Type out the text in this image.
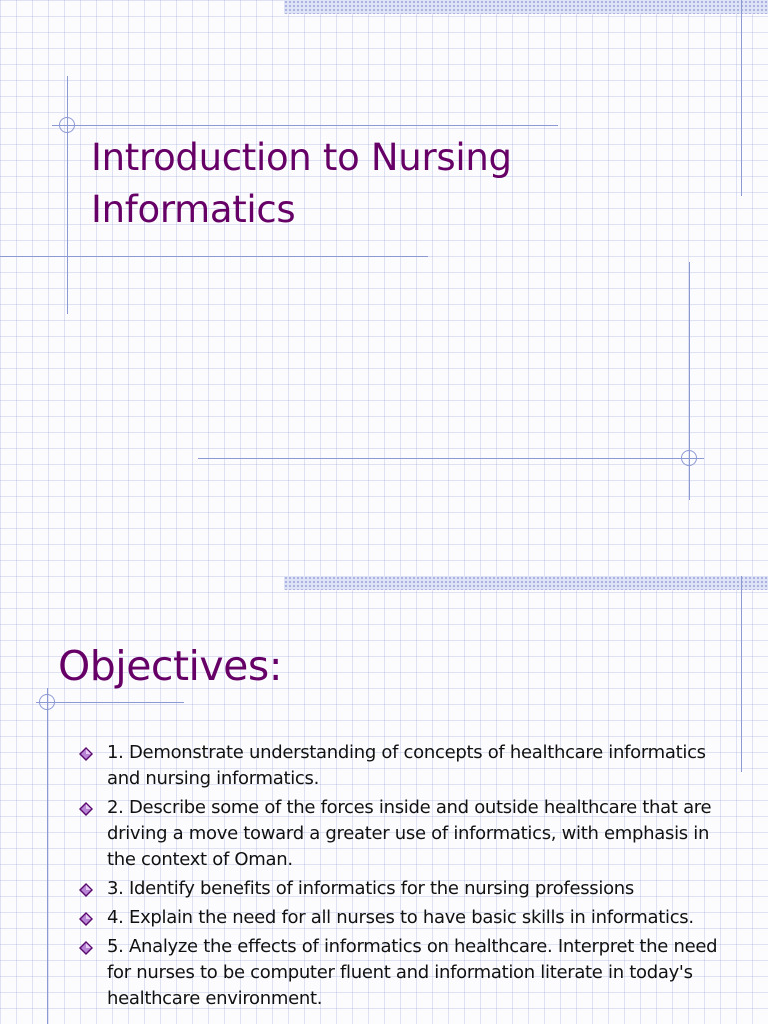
Introduction to Nursing Informatics
Objectives:
1. Demonstrate understanding of concepts of healthcare informatics and nursing informatics.
2. Describe some of the forces inside and outside healthcare that are driving a move toward a greater use of informatics, with emphasis in the context of Oman.
3. Identify benefits of informatics for the nursing professions
4. Explain the need for all nurses to have basic skills in informatics.
5. Analyze the effects of informatics on healthcare. Interpret the need for nurses to be computer fluent and information literate in today's healthcare environment.
